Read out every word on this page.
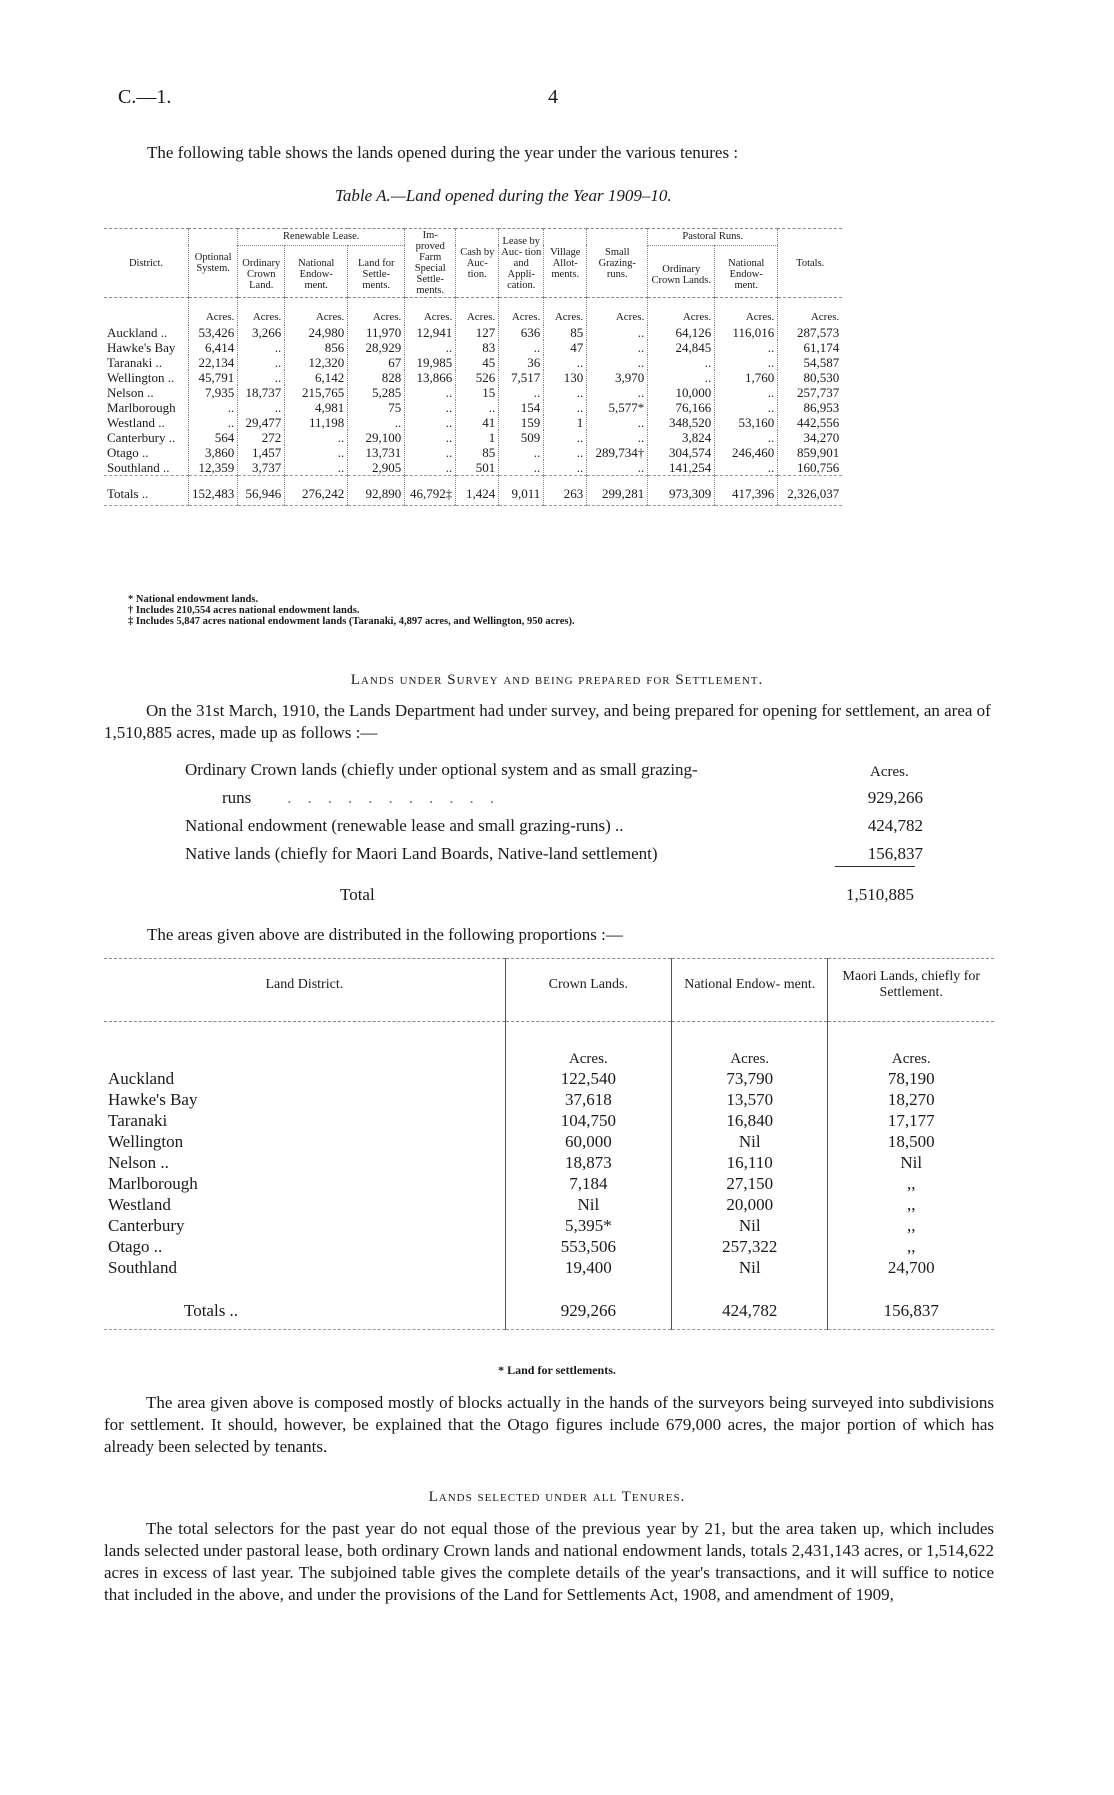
C.—1.	4
The following table shows the lands opened during the year under the various tenures :
Table A.—Land opened during the Year 1909–10.
District.	Optional System.	Renewable Lease.			Im- proved Farm Special Settle- ments.	Cash by Auc- tion.	Lease by Auc- tion and Appli- cation.	Village Allot- ments.	Small Grazing- runs.	Pastoral Runs.		Totals.
		Ordinary Crown Land.	National Endow- ment.	Land for Settle- ments.						Ordinary Crown Lands.	National Endow- ment.	
	Acres.	Acres.	Acres.	Acres.	Acres.	Acres.	Acres.	Acres.	Acres.	Acres.	Acres.	Acres.
Auckland ..	53,426	3,266	24,980	11,970	12,941	127	636	85	..	64,126	116,016	287,573
Hawke's Bay	6,414	..	856	28,929	..	83	..	47	..	24,845	..	61,174
Taranaki ..	22,134	..	12,320	67	19,985	45	36	..	..	..	..	54,587
Wellington ..	45,791	..	6,142	828	13,866	526	7,517	130	3,970	..	1,760	80,530
Nelson ..	7,935	18,737	215,765	5,285	..	15	..	..	..	10,000	..	257,737
Marlborough	..	..	4,981	75	..	..	154	..	5,577*	76,166	..	86,953
Westland ..	..	29,477	11,198	..	..	41	159	1	..	348,520	53,160	442,556
Canterbury ..	564	272	..	29,100	..	1	509	..	..	3,824	..	34,270
Otago ..	3,860	1,457	..	13,731	..	85	..	..	289,734†	304,574	246,460	859,901
Southland ..	12,359	3,737	..	2,905	..	501	..	..	..	141,254	..	160,756
Totals ..	152,483	56,946	276,242	92,890	46,792‡	1,424	9,011	263	299,281	973,309	417,396	2,326,037
* National endowment lands.
† Includes 210,554 acres national endowment lands.
‡ Includes 5,847 acres national endowment lands (Taranaki, 4,897 acres, and Wellington, 950 acres).
Lands under Survey and being prepared for Settlement.
On the 31st March, 1910, the Lands Department had under survey, and being prepared for opening for settlement, an area of 1,510,885 acres, made up as follows :—
Acres.
Ordinary Crown lands (chiefly under optional system and as small grazing-	
runs ...........	929,266
National endowment (renewable lease and small grazing-runs) ..	424,782
Native lands (chiefly for Maori Land Boards, Native-land settlement)	156,837
Total	1,510,885
The areas given above are distributed in the following proportions :—
Land District.	Crown Lands.	National Endow- ment.	Maori Lands, chiefly for Settlement.
	Acres.	Acres.	Acres.
Auckland	122,540	73,790	78,190
Hawke's Bay	37,618	13,570	18,270
Taranaki	104,750	16,840	17,177
Wellington	60,000	Nil	18,500
Nelson ..	18,873	16,110	Nil
Marlborough	7,184	27,150	,,
Westland	Nil	20,000	,,
Canterbury	5,395*	Nil	,,
Otago ..	553,506	257,322	,,
Southland	19,400	Nil	24,700
Totals ..	929,266	424,782	156,837
* Land for settlements.
The area given above is composed mostly of blocks actually in the hands of the surveyors being surveyed into subdivisions for settlement. It should, however, be explained that the Otago figures include 679,000 acres, the major portion of which has already been selected by tenants.
Lands selected under all Tenures.
The total selectors for the past year do not equal those of the previous year by 21, but the area taken up, which includes lands selected under pastoral lease, both ordinary Crown lands and national endowment lands, totals 2,431,143 acres, or 1,514,622 acres in excess of last year. The subjoined table gives the complete details of the year's transactions, and it will suffice to notice that included in the above, and under the provisions of the Land for Settlements Act, 1908, and amendment of 1909,
